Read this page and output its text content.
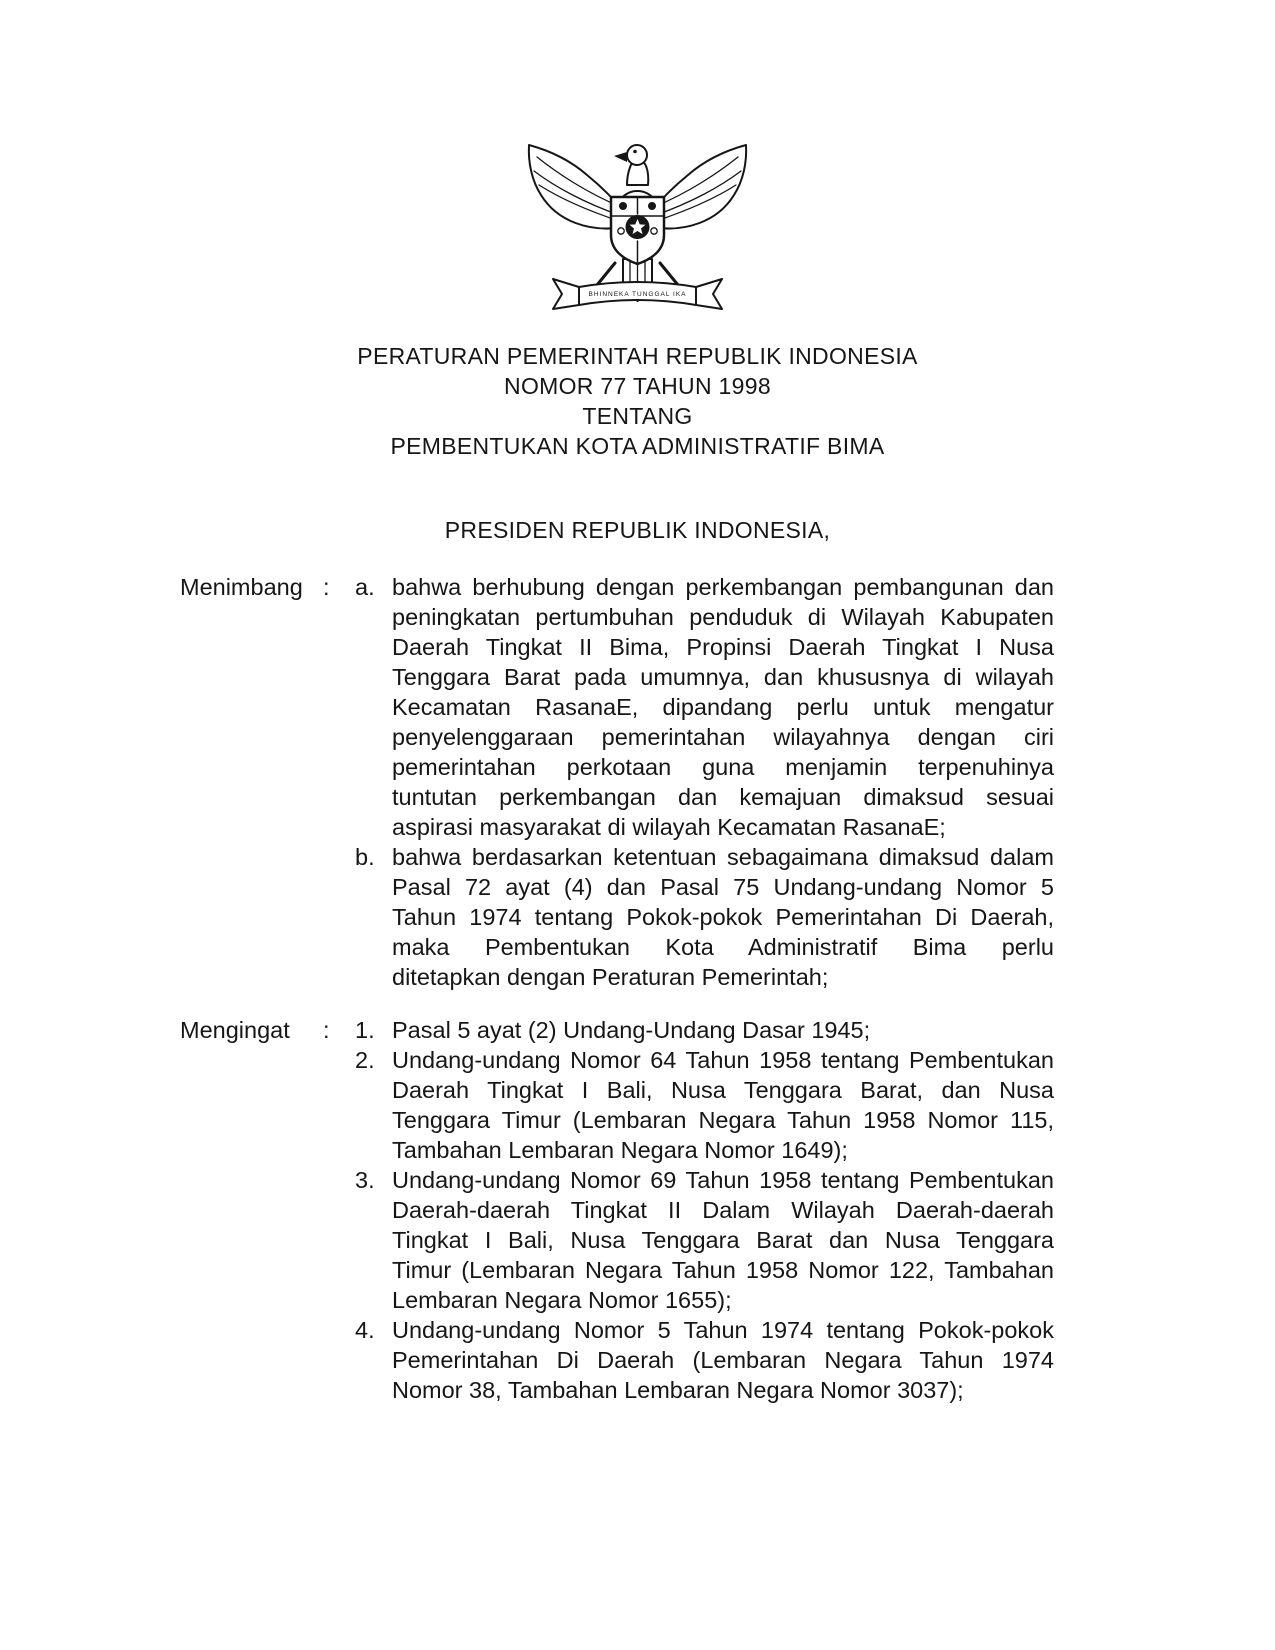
BHINNEKA TUNGGAL IKA
PERATURAN PEMERINTAH REPUBLIK INDONESIA
NOMOR 77 TAHUN 1998
TENTANG
PEMBENTUKAN KOTA ADMINISTRATIF BIMA
PRESIDEN REPUBLIK INDONESIA,
Menimbang :	a. bahwa berhubung dengan perkembangan pembangunan dan
peningkatan pertumbuhan penduduk di Wilayah Kabupaten
Daerah Tingkat II Bima, Propinsi Daerah Tingkat I Nusa
Tenggara Barat pada umumnya, dan khususnya di wilayah
Kecamatan RasanaE, dipandang perlu untuk mengatur
penyelenggaraan pemerintahan wilayahnya dengan ciri
pemerintahan perkotaan guna menjamin terpenuhinya
tuntutan perkembangan dan kemajuan dimaksud sesuai
aspirasi masyarakat di wilayah Kecamatan RasanaE;
b. bahwa berdasarkan ketentuan sebagaimana dimaksud dalam
Pasal 72 ayat (4) dan Pasal 75 Undang-undang Nomor 5
Tahun 1974 tentang Pokok-pokok Pemerintahan Di Daerah,
maka Pembentukan Kota Administratif Bima perlu
ditetapkan dengan Peraturan Pemerintah;
Mengingat	:	1. Pasal 5 ayat (2) Undang-Undang Dasar 1945;
2. Undang-undang Nomor 64 Tahun 1958 tentang Pembentukan
Daerah Tingkat I Bali, Nusa Tenggara Barat, dan Nusa
Tenggara Timur (Lembaran Negara Tahun 1958 Nomor 115,
Tambahan Lembaran Negara Nomor 1649);
3. Undang-undang Nomor 69 Tahun 1958 tentang Pembentukan
Daerah-daerah Tingkat II Dalam Wilayah Daerah-daerah
Tingkat I Bali, Nusa Tenggara Barat dan Nusa Tenggara
Timur (Lembaran Negara Tahun 1958 Nomor 122, Tambahan
Lembaran Negara Nomor 1655);
4. Undang-undang Nomor 5 Tahun 1974 tentang Pokok-pokok
Pemerintahan Di Daerah (Lembaran Negara Tahun 1974
Nomor 38, Tambahan Lembaran Negara Nomor 3037);
